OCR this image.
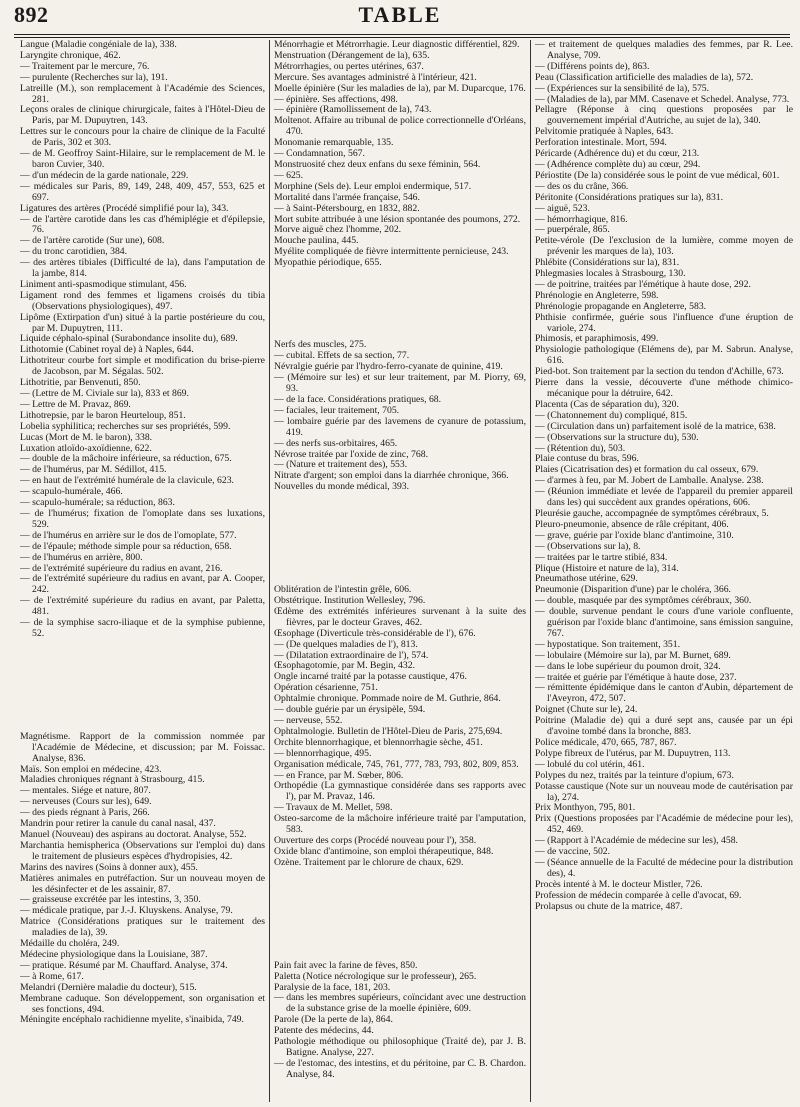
892	TABLE

Langue (Maladie congéniale de la), 338.

Laryngite chronique, 462.

— Traitement par le mercure, 76.

— purulente (Recherches sur la), 191.

Latreille (M.), son remplacement à l'Académie des Sciences, 281.

Leçons orales de clinique chirurgicale, faites à l'Hôtel-Dieu de Paris, par M. Dupuytren, 143.

Lettres sur le concours pour la chaire de clinique de la Faculté de Paris, 302 et 303.

— de M. Geoffroy Saint-Hilaire, sur le remplacement de M. le baron Cuvier, 340.

— d'un médecin de la garde nationale, 229.

— médicales sur Paris, 89, 149, 248, 409, 457, 553, 625 et 697.

Ligatures des artères (Procédé simplifié pour la), 343.

— de l'artère carotide dans les cas d'hémiplégie et d'épilepsie, 76.

— de l'artère carotide (Sur une), 608.

— du tronc carotidien, 384.

— des artères tibiales (Difficulté de la), dans l'amputation de la jambe, 814.

Liniment anti-spasmodique stimulant, 456.

Ligament rond des femmes et ligamens croisés du tibia (Observations physiologiques), 497.

Lipôme (Extirpation d'un) situé à la partie postérieure du cou, par M. Dupuytren, 111.

Liquide céphalo-spinal (Surabondance insolite du), 689.

Lithotomie (Cabinet royal de) à Naples, 644.

Lithotriteur courbe fort simple et modification du brise-pierre de Jacobson, par M. Ségalas. 502.

Lithotritie, par Benvenuti, 850.

— (Lettre de M. Civiale sur la), 833 et 869.

— Lettre de M. Pravaz, 869.

Lithotrepsie, par le baron Heurteloup, 851.

Lobelia syphilitica; recherches sur ses propriétés, 599.

Lucas (Mort de M. le baron), 338.

Luxation atloïdo-axoïdienne, 622.

— double de la mâchoire inférieure, sa réduction, 675.

— de l'humérus, par M. Sédillot, 415.

— en haut de l'extrémité humérale de la clavicule, 623.

— scapulo-humérale, 466.

— scapulo-humérale; sa réduction, 863.

— de l'humérus; fixation de l'omoplate dans ses luxations, 529.

— de l'humérus en arrière sur le dos de l'omoplate, 577.

— de l'épaule; méthode simple pour sa réduction, 658.

— de l'humérus en arrière, 800.

— de l'extrémité supérieure du radius en avant, 216.

— de l'extrémité supérieure du radius en avant, par A. Cooper, 242.

— de l'extrémité supérieure du radius en avant, par Paletta, 481.

— de la symphise sacro-iliaque et de la symphise pubienne, 52.

Magnétisme. Rapport de la commission nommée par l'Académie de Médecine, et discussion; par M. Foissac. Analyse, 836.

Maïs. Son emploi en médecine, 423.

Maladies chroniques régnant à Strasbourg, 415.

— mentales. Siége et nature, 807.

— nerveuses (Cours sur les), 649.

— des pieds régnant à Paris, 266.

Mandrin pour retirer la canule du canal nasal, 437.

Manuel (Nouveau) des aspirans au doctorat. Analyse, 552.

Marchantia hemispherica (Observations sur l'emploi du) dans le traitement de plusieurs espèces d'hydropisies, 42.

Marins des navires (Soins à donner aux), 455.

Matières animales en putréfaction. Sur un nouveau moyen de les désinfecter et de les assainir, 87.

— graisseuse excrétée par les intestins, 3, 350.

— médicale pratique, par J.-J. Kluyskens. Analyse, 79.

Matrice (Considérations pratiques sur le traitement des maladies de la), 39.

Médaille du choléra, 249.

Médecine physiologique dans la Louisiane, 387.

— pratique. Résumé par M. Chauffard. Analyse, 374.

— à Rome, 617.

Melandri (Dernière maladie du docteur), 515.

Membrane caduque. Son développement, son organisation et ses fonctions, 494.

Méningite encéphalo rachidienne myelite, s'inaibida, 749.

Ménorrhagie et Métrorrhagie. Leur diagnostic différentiel, 829.

Menstruation (Dérangement de la), 635.

Métrorrhagies, ou pertes utérines, 637.

Mercure. Ses avantages administré à l'intérieur, 421.

Moelle épinière (Sur les maladies de la), par M. Duparcque, 176.

— épinière. Ses affections, 498.

— épinière (Ramollissement de la), 743.

Moltenot. Affaire au tribunal de police correctionnelle d'Orléans, 470.

Monomanie remarquable, 135.

— Condamnation, 567.

Monstruosité chez deux enfans du sexe féminin, 564.

— 625.

Morphine (Sels de). Leur emploi endermique, 517.

Mortalité dans l'armée française, 546.

— à Saint-Pétersbourg, en 1832, 882.

Mort subite attribuée à une lésion spontanée des poumons, 272.

Morve aiguë chez l'homme, 202.

Mouche paulina, 445.

Myélite compliquée de fièvre intermittente pernicieuse, 243.

Myopathie périodique, 655.

Nerfs des muscles, 275.

— cubital. Effets de sa section, 77.

Névralgie guérie par l'hydro-ferro-cyanate de quinine, 419.

— (Mémoire sur les) et sur leur traitement, par M. Piorry, 69, 93.

— de la face. Considérations pratiques, 68.

— faciales, leur traitement, 705.

— lombaire guérie par des lavemens de cyanure de potassium, 419.

— des nerfs sus-orbitaires, 465.

Névrose traitée par l'oxide de zinc, 768.

— (Nature et traitement des), 553.

Nitrate d'argent; son emploi dans la diarrhée chronique, 366.

Nouvelles du monde médical, 393.

Oblitération de l'intestin grêle, 606.

Obstétrique. Institution Wellesley, 796.

Œdème des extrémités inférieures survenant à la suite des fièvres, par le docteur Graves, 462.

Œsophage (Diverticule très-considérable de l'), 676.

— (De quelques maladies de l'), 813.

— (Dilatation extraordinaire de l'), 574.

Œsophagotomie, par M. Begin, 432.

Ongle incarné traité par la potasse caustique, 476.

Opération césarienne, 751.

Ophtalmie chronique. Pommade noire de M. Guthrie, 864.

— double guérie par un érysipèle, 594.

— nerveuse, 552.

Ophtalmologie. Bulletin de l'Hôtel-Dieu de Paris, 275,694.

Orchite blennorrhagique, et blennorrhagie sèche, 451.

— blennorrhagique, 495.

Organisation médicale, 745, 761, 777, 783, 793, 802, 809, 853.

— en France, par M. Sœber, 806.

Orthopédie (La gymnastique considérée dans ses rapports avec l'), par M. Pravaz, 146.

— Travaux de M. Mellet, 598.

Osteo-sarcome de la mâchoire inférieure traité par l'amputation, 583.

Ouverture des corps (Procédé nouveau pour l'), 358.

Oxide blanc d'antimoine, son emploi thérapeutique, 848.

Ozène. Traitement par le chlorure de chaux, 629.

Pain fait avec la farine de fèves, 850.

Paletta (Notice nécrologique sur le professeur), 265.

Paralysie de la face, 181, 203.

— dans les membres supérieurs, coïncidant avec une destruction de la substance grise de la moelle épinière, 609.

Parole (De la perte de la), 864.

Patente des médecins, 44.

Pathologie méthodique ou philosophique (Traité de), par J. B. Batigne. Analyse, 227.

— de l'estomac, des intestins, et du péritoine, par C. B. Chardon. Analyse, 84.

— et traitement de quelques maladies des femmes, par R. Lee. Analyse, 709.

— (Différens points de), 863.

Peau (Classification artificielle des maladies de la), 572.

— (Expériences sur la sensibilité de la), 575.

— (Maladies de la), par MM. Casenave et Schedel. Analyse, 773.

Pellagre (Réponse à cinq questions proposées par le gouvernement impérial d'Autriche, au sujet de la), 340.

Pelvitomie pratiquée à Naples, 643.

Perforation intestinale. Mort, 594.

Péricarde (Adhérence du) et du cœur, 213.

— (Adhérence complète du) au cœur, 294.

Périostite (De la) considérée sous le point de vue médical, 601.

— des os du crâne, 366.

Péritonite (Considérations pratiques sur la), 831.

— aiguë, 523.

— hémorrhagique, 816.

— puerpérale, 865.

Petite-vérole (De l'exclusion de la lumière, comme moyen de prévenir les marques de la), 103.

Phlébite (Considérations sur la), 831.

Phlegmasies locales à Strasbourg, 130.

— de poitrine, traitées par l'émétique à haute dose, 292.

Phrénologie en Angleterre, 598.

Phrénologie propagande en Angleterre, 583.

Phthisie confirmée, guérie sous l'influence d'une éruption de variole, 274.

Phimosis, et paraphimosis, 499.

Physiologie pathologique (Elémens de), par M. Sabrun. Analyse, 616.

Pied-bot. Son traitement par la section du tendon d'Achille, 673.

Pierre dans la vessie, découverte d'une méthode chimico-mécanique pour la détruire, 642.

Placenta (Cas de séparation du), 320.

— (Chatonnement du) compliqué, 815.

— (Circulation dans un) parfaitement isolé de la matrice, 638.

— (Observations sur la structure du), 530.

— (Rétention du), 503.

Plaie contuse du bras, 596.

Plaies (Cicatrisation des) et formation du cal osseux, 679.

— d'armes à feu, par M. Jobert de Lamballe. Analyse. 238.

— (Réunion immédiate et levée de l'appareil du premier appareil dans les) qui succèdent aux grandes opérations, 606.

Pleurésie gauche, accompagnée de symptômes cérébraux, 5.

Pleuro-pneumonie, absence de râle crépitant, 406.

— grave, guérie par l'oxide blanc d'antimoine, 310.

— (Observations sur la), 8.

— traitées par le tartre stibié, 834.

Plique (Histoire et nature de la), 314.

Pneumathose utérine, 629.

Pneumonie (Disparition d'une) par le choléra, 366.

— double, masquée par des symptômes cérébraux, 360.

— double, survenue pendant le cours d'une variole confluente, guérison par l'oxide blanc d'antimoine, sans émission sanguine, 767.

— hypostatique. Son traitement, 351.

— lobulaire (Mémoire sur la), par M. Burnet, 689.

— dans le lobe supérieur du poumon droit, 324.

— traitée et guérie par l'émétique à haute dose, 237.

— rémittente épidémique dans le canton d'Aubin, département de l'Aveyron, 472, 507.

Poignet (Chute sur le), 24.

Poitrine (Maladie de) qui a duré sept ans, causée par un épi d'avoine tombé dans la bronche, 883.

Police médicale, 470, 665, 787, 867.

Polype fibreux de l'utérus, par M. Dupuytren, 113.

— lobulé du col utérin, 461.

Polypes du nez, traités par la teinture d'opium, 673.

Potasse caustique (Note sur un nouveau mode de cautérisation par la), 274.

Prix Monthyon, 795, 801.

Prix (Questions proposées par l'Académie de médecine pour les), 452, 469.

— (Rapport à l'Académie de médecine sur les), 458.

— de vaccine, 502.

— (Séance annuelle de la Faculté de médecine pour la distribution des), 4.

Procès intenté à M. le docteur Mistler, 726.

Profession de médecin comparée à celle d'avocat, 69.

Prolapsus ou chute de la matrice, 487.
